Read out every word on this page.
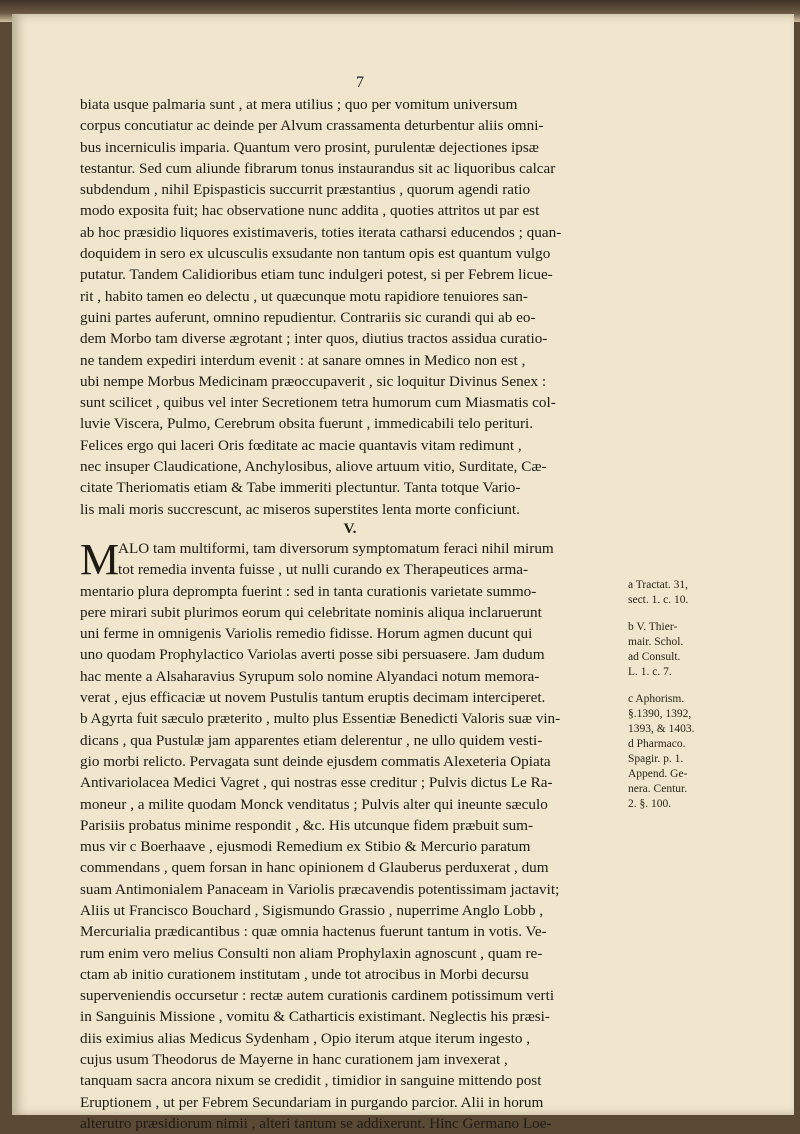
7
biata usque palmaria sunt , at mera utilius ; quo per vomitum universum
corpus concutiatur ac deinde per Alvum crassamenta deturbentur aliis omni-
bus incerniculis imparia. Quantum vero prosint, purulentæ dejectiones ipsæ
testantur. Sed cum aliunde fibrarum tonus instaurandus sit ac liquoribus calcar
subdendum , nihil Epispasticis succurrit præstantius , quorum agendi ratio
modo exposita fuit; hac observatione nunc addita , quoties attritos ut par est
ab hoc præsidio liquores existimaveris, toties iterata catharsi educendos ; quan-
doquidem in sero ex ulcusculis exsudante non tantum opis est quantum vulgo
putatur. Tandem Calidioribus etiam tunc indulgeri potest, si per Febrem licue-
rit , habito tamen eo delectu , ut quæcunque motu rapidiore tenuiores san-
guini partes auferunt, omnino repudientur. Contrariis sic curandi qui ab eo-
dem Morbo tam diverse ægrotant ; inter quos, diutius tractos assidua curatio-
ne tandem expediri interdum evenit : at sanare omnes in Medico non est ,
ubi nempe Morbus Medicinam præoccupaverit , sic loquitur Divinus Senex :
sunt scilicet , quibus vel inter Secretionem tetra humorum cum Miasmatis col-
luvie Viscera, Pulmo, Cerebrum obsita fuerunt , immedicabili telo perituri.
Felices ergo qui laceri Oris fœditate ac macie quantavis vitam redimunt ,
nec insuper Claudicatione, Anchylosibus, aliove artuum vitio, Surditate, Cæ-
citate Theriomatis etiam & Tabe immeriti plectuntur. Tanta totque Vario-
lis mali moris succrescunt, ac miseros superstites lenta morte conficiunt.
V.
M
ALO tam multiformi, tam diversorum symptomatum feraci nihil mirum
tot remedia inventa fuisse , ut nulli curando ex Therapeutices arma-
mentario plura deprompta fuerint : sed in tanta curationis varietate summo-
pere mirari subit plurimos eorum qui celebritate nominis aliqua inclaruerunt
uni ferme in omnigenis Variolis remedio fidisse. Horum agmen ducunt qui
uno quodam Prophylactico Variolas averti posse sibi persuasere. Jam dudum
hac mente a Alsaharavius Syrupum solo nomine Alyandaci notum memora-
verat , ejus efficaciæ ut novem Pustulis tantum eruptis decimam interciperet.
b Agyrta fuit sæculo præterito , multo plus Essentiæ Benedicti Valoris suæ vin-
dicans , qua Pustulæ jam apparentes etiam delerentur , ne ullo quidem vesti-
gio morbi relicto. Pervagata sunt deinde ejusdem commatis Alexeteria Opiata
Antivariolacea Medici Vagret , qui nostras esse creditur ; Pulvis dictus Le Ra-
moneur , a milite quodam Monck venditatus ; Pulvis alter qui ineunte sæculo
Parisiis probatus minime respondit , &c. His utcunque fidem præbuit sum-
mus vir c Boerhaave , ejusmodi Remedium ex Stibio & Mercurio paratum
commendans , quem forsan in hanc opinionem d Glauberus perduxerat , dum
suam Antimonialem Panaceam in Variolis præcavendis potentissimam jactavit;
Aliis ut Francisco Bouchard , Sigismundo Grassio , nuperrime Anglo Lobb ,
Mercurialia prædicantibus : quæ omnia hactenus fuerunt tantum in votis. Ve-
rum enim vero melius Consulti non aliam Prophylaxin agnoscunt , quam re-
ctam ab initio curationem institutam , unde tot atrocibus in Morbi decursu
superveniendis occursetur : rectæ autem curationis cardinem potissimum verti
in Sanguinis Missione , vomitu & Catharticis existimant. Neglectis his præsi-
diis eximius alias Medicus Sydenham , Opio iterum atque iterum ingesto ,
cujus usum Theodorus de Mayerne in hanc curationem jam invexerat ,
tanquam sacra ancora nixum se credidit , timidior in sanguine mittendo post
Eruptionem , ut per Febrem Secundariam in purgando parcior. Alii in horum
alterutro præsidiorum nimii , alteri tantum se addixerunt. Hinc Germano Loe-
a Tractat. 31,
sect. 1. c. 10.
b V. Thier-
mair. Schol.
ad Consult.
L. 1. c. 7.
c Aphorism.
§.1390, 1392,
1393, & 1403.
d Pharmaco.
Spagir. p. 1.
Append. Ge-
nera. Centur.
2. §. 100.
